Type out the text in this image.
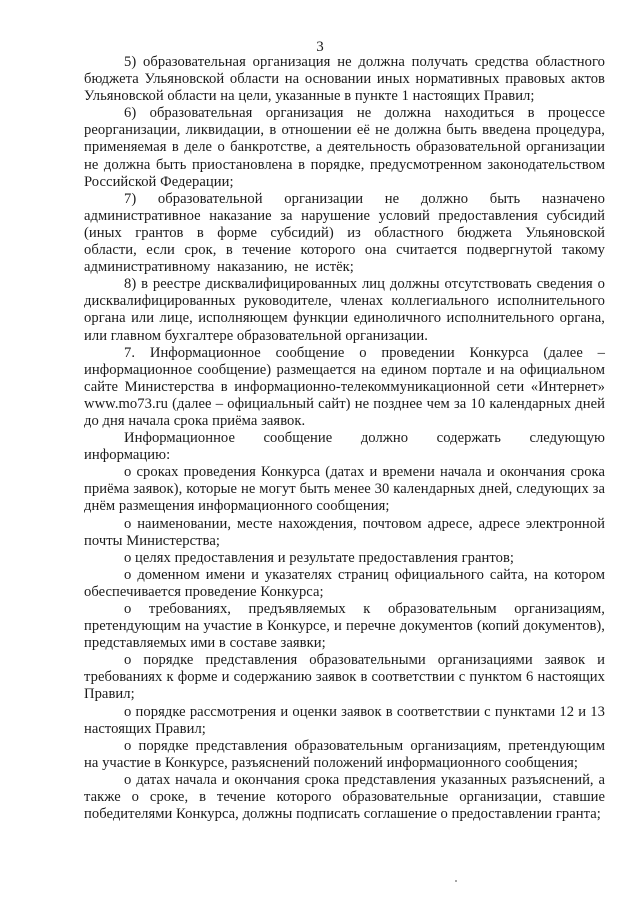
3

5) образовательная организация не должна получать средства областного бюджета Ульяновской области на основании иных нормативных правовых актов Ульяновской области на цели, указанные в пункте 1 настоящих Правил;

6) образовательная организация не должна находиться в процессе реорганизации, ликвидации, в отношении её не должна быть введена процедура, применяемая в деле о банкротстве, а деятельность образовательной организации не должна быть приостановлена в порядке, предусмотренном законодательством Российской Федерации;

7) образовательной организации не должно быть назначено административное наказание за нарушение условий предоставления субсидий (иных грантов в форме субсидий) из областного бюджета Ульяновской области, если срок, в течение которого она считается подвергнутой такому административному наказанию, не истёк;

8) в реестре дисквалифицированных лиц должны отсутствовать сведения о дисквалифицированных руководителе, членах коллегиального исполнительного органа или лице, исполняющем функции единоличного исполнительного органа, или главном бухгалтере образовательной организации.

7. Информационное сообщение о проведении Конкурса (далее – информационное сообщение) размещается на едином портале и на официальном сайте Министерства в информационно-телекоммуникационной сети «Интернет» www.mo73.ru (далее – официальный сайт) не позднее чем за 10 календарных дней до дня начала срока приёма заявок.

Информационное сообщение должно содержать следующую информацию:

о сроках проведения Конкурса (датах и времени начала и окончания срока приёма заявок), которые не могут быть менее 30 календарных дней, следующих за днём размещения информационного сообщения;

о наименовании, месте нахождения, почтовом адресе, адресе электронной почты Министерства;

о целях предоставления и результате предоставления грантов;

о доменном имени и указателях страниц официального сайта, на котором обеспечивается проведение Конкурса;

о требованиях, предъявляемых к образовательным организациям, претендующим на участие в Конкурсе, и перечне документов (копий документов), представляемых ими в составе заявки;

о порядке представления образовательными организациями заявок и требованиях к форме и содержанию заявок в соответствии с пунктом 6 настоящих Правил;

о порядке рассмотрения и оценки заявок в соответствии с пунктами 12 и 13 настоящих Правил;

о порядке представления образовательным организациям, претендующим на участие в Конкурсе, разъяснений положений информационного сообщения;

о датах начала и окончания срока представления указанных разъяснений, а также о сроке, в течение которого образовательные организации, ставшие победителями Конкурса, должны подписать соглашение о предоставлении гранта;
